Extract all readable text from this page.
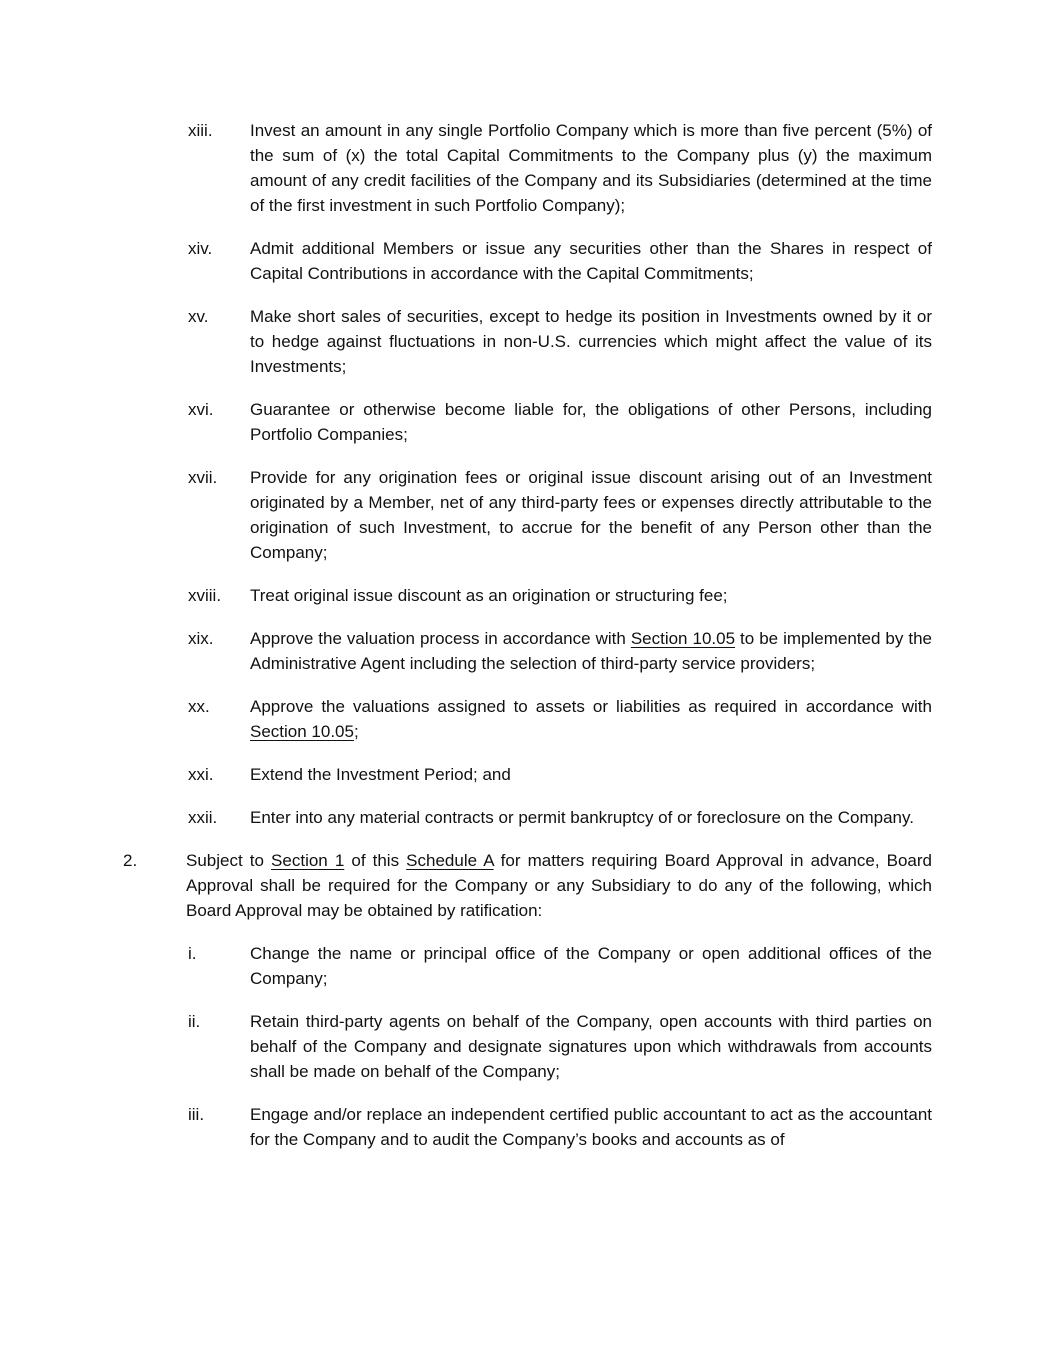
xiii.	Invest an amount in any single Portfolio Company which is more than five percent (5%) of the sum of (x) the total Capital Commitments to the Company plus (y) the maximum amount of any credit facilities of the Company and its Subsidiaries (determined at the time of the first investment in such Portfolio Company);
xiv.	Admit additional Members or issue any securities other than the Shares in respect of Capital Contributions in accordance with the Capital Commitments;
xv.	Make short sales of securities, except to hedge its position in Investments owned by it or to hedge against fluctuations in non-U.S. currencies which might affect the value of its Investments;
xvi.	Guarantee or otherwise become liable for, the obligations of other Persons, including Portfolio Companies;
xvii.	Provide for any origination fees or original issue discount arising out of an Investment originated by a Member, net of any third-party fees or expenses directly attributable to the origination of such Investment, to accrue for the benefit of any Person other than the Company;
xviii.	Treat original issue discount as an origination or structuring fee;
xix.	Approve the valuation process in accordance with Section 10.05 to be implemented by the Administrative Agent including the selection of third-party service providers;
xx.	Approve the valuations assigned to assets or liabilities as required in accordance with Section 10.05;
xxi.	Extend the Investment Period; and
xxii.	Enter into any material contracts or permit bankruptcy of or foreclosure on the Company.
2.	Subject to Section 1 of this Schedule A for matters requiring Board Approval in advance, Board Approval shall be required for the Company or any Subsidiary to do any of the following, which Board Approval may be obtained by ratification:
i.	Change the name or principal office of the Company or open additional offices of the Company;
ii.	Retain third-party agents on behalf of the Company, open accounts with third parties on behalf of the Company and designate signatures upon which withdrawals from accounts shall be made on behalf of the Company;
iii.	Engage and/or replace an independent certified public accountant to act as the accountant for the Company and to audit the Company’s books and accounts as of
